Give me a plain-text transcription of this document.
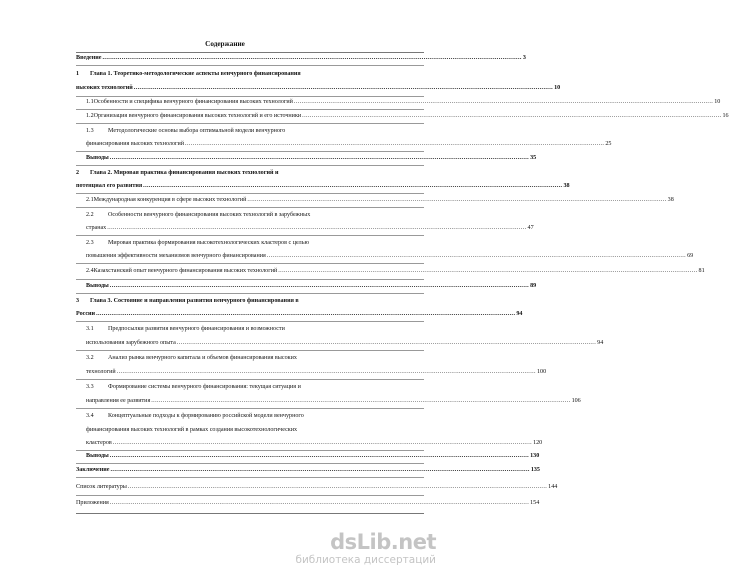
Содержание
Введение .....	3
1	Глава 1. Теоретико-методологические аспекты венчурного финансирования
высоких технологий .....	10
1.1 Особенности и специфика венчурного финансирования высоких технологий .....	10
1.2 Организация венчурного финансирования высоких технологий и его источники .....	16
1.3	Методологические основы выбора оптимальной модели венчурного
финансирования высоких технологий .....	25
Выводы .....	35
2	Глава 2. Мировая практика финансирования высоких технологий и
потенциал его развития .....	38
2.1 Международная конкуренция в сфере высоких технологий .....	38
2.2	Особенности венчурного финансирования высоких технологий в зарубежных
странах .....	47
2.3	Мировая практика формирования высокотехнологических кластеров с целью
повышения эффективности механизмов венчурного финансирования .....	69
2.4 Казахстанский опыт венчурного финансирования высоких технологий .....	81
Выводы .....	89
3	Глава 3. Состояние и направления развития венчурного финансирования в
России .....	94
3.1	Предпосылки развития венчурного финансирования и возможности
использования зарубежного опыта .....	94
3.2	Анализ рынка венчурного капитала и объемов финансирования высоких
технологий .....	100
3.3	Формирование системы венчурного финансирования: текущая ситуация и
направления ее развития .....	106
3.4	Концептуальные подходы к формированию российской модели венчурного
финансирования высоких технологий в рамках создания высокотехнологических
кластеров .....	120
Выводы .....	130
Заключение .....	135
Список литературы .....	144
Приложения .....	154
dsLib.net
библиотека диссертаций
